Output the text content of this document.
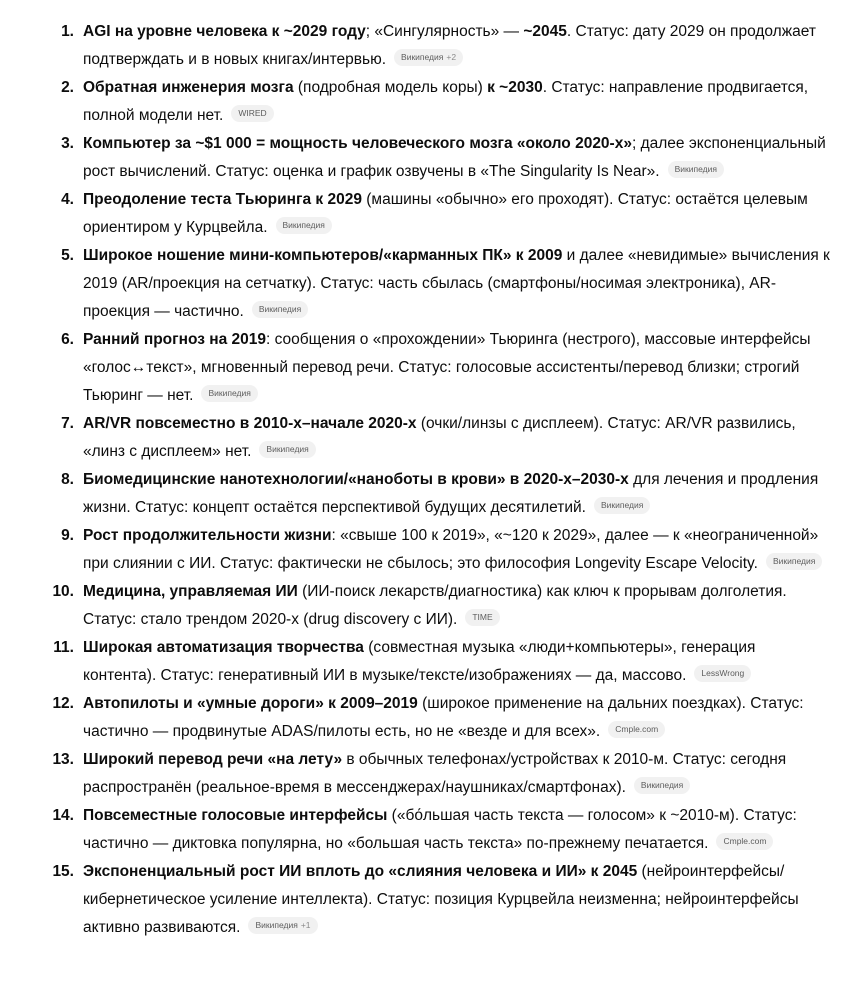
1. AGI на уровне человека к ~2029 году; «Сингулярность» — ~2045. Статус: дату 2029 он продолжает подтверждать и в новых книгах/интервью. Википедия +2
2. Обратная инженерия мозга (подробная модель коры) к ~2030. Статус: направление продвигается, полной модели нет. WIRED
3. Компьютер за ~$1 000 = мощность человеческого мозга «около 2020-х»; далее экспоненциальный рост вычислений. Статус: оценка и график озвучены в «The Singularity Is Near». Википедия
4. Преодоление теста Тьюринга к 2029 (машины «обычно» его проходят). Статус: остаётся целевым ориентиром у Курцвейла. Википедия
5. Широкое ношение мини-компьютеров/«карманных ПК» к 2009 и далее «невидимые» вычисления к 2019 (AR/проекция на сетчатку). Статус: часть сбылась (смартфоны/носимая электроника), AR-проекция — частично. Википедия
6. Ранний прогноз на 2019: сообщения о «прохождении» Тьюринга (нестрого), массовые интерфейсы «голос↔текст», мгновенный перевод речи. Статус: голосовые ассистенты/перевод близки; строгий Тьюринг — нет. Википедия
7. AR/VR повсеместно в 2010-х–начале 2020-х (очки/линзы с дисплеем). Статус: AR/VR развились, «линз с дисплеем» нет. Википедия
8. Биомедицинские нанотехнологии/«наноботы в крови» в 2020-х–2030-х для лечения и продления жизни. Статус: концепт остаётся перспективой будущих десятилетий. Википедия
9. Рост продолжительности жизни: «свыше 100 к 2019», «~120 к 2029», далее — к «неограниченной» при слиянии с ИИ. Статус: фактически не сбылось; это философия Longevity Escape Velocity. Википедия
10. Медицина, управляемая ИИ (ИИ-поиск лекарств/диагностика) как ключ к прорывам долголетия. Статус: стало трендом 2020-х (drug discovery с ИИ). TIME
11. Широкая автоматизация творчества (совместная музыка «люди+компьютеры», генерация контента). Статус: генеративный ИИ в музыке/тексте/изображениях — да, массово. LessWrong
12. Автопилоты и «умные дороги» к 2009–2019 (широкое применение на дальних поездках). Статус: частично — продвинутые ADAS/пилоты есть, но не «везде и для всех». Cmple.com
13. Широкий перевод речи «на лету» в обычных телефонах/устройствах к 2010-м. Статус: сегодня распространён (реальное-время в мессенджерах/наушниках/смартфонах). Википедия
14. Повсеместные голосовые интерфейсы («бо́льшая часть текста — голосом» к ~2010-м). Статус: частично — диктовка популярна, но «большая часть текста» по-прежнему печатается. Cmple.com
15. Экспоненциальный рост ИИ вплоть до «слияния человека и ИИ» к 2045 (нейроинтерфейсы/кибернетическое усиление интеллекта). Статус: позиция Курцвейла неизменна; нейроинтерфейсы активно развиваются. Википедия +1
